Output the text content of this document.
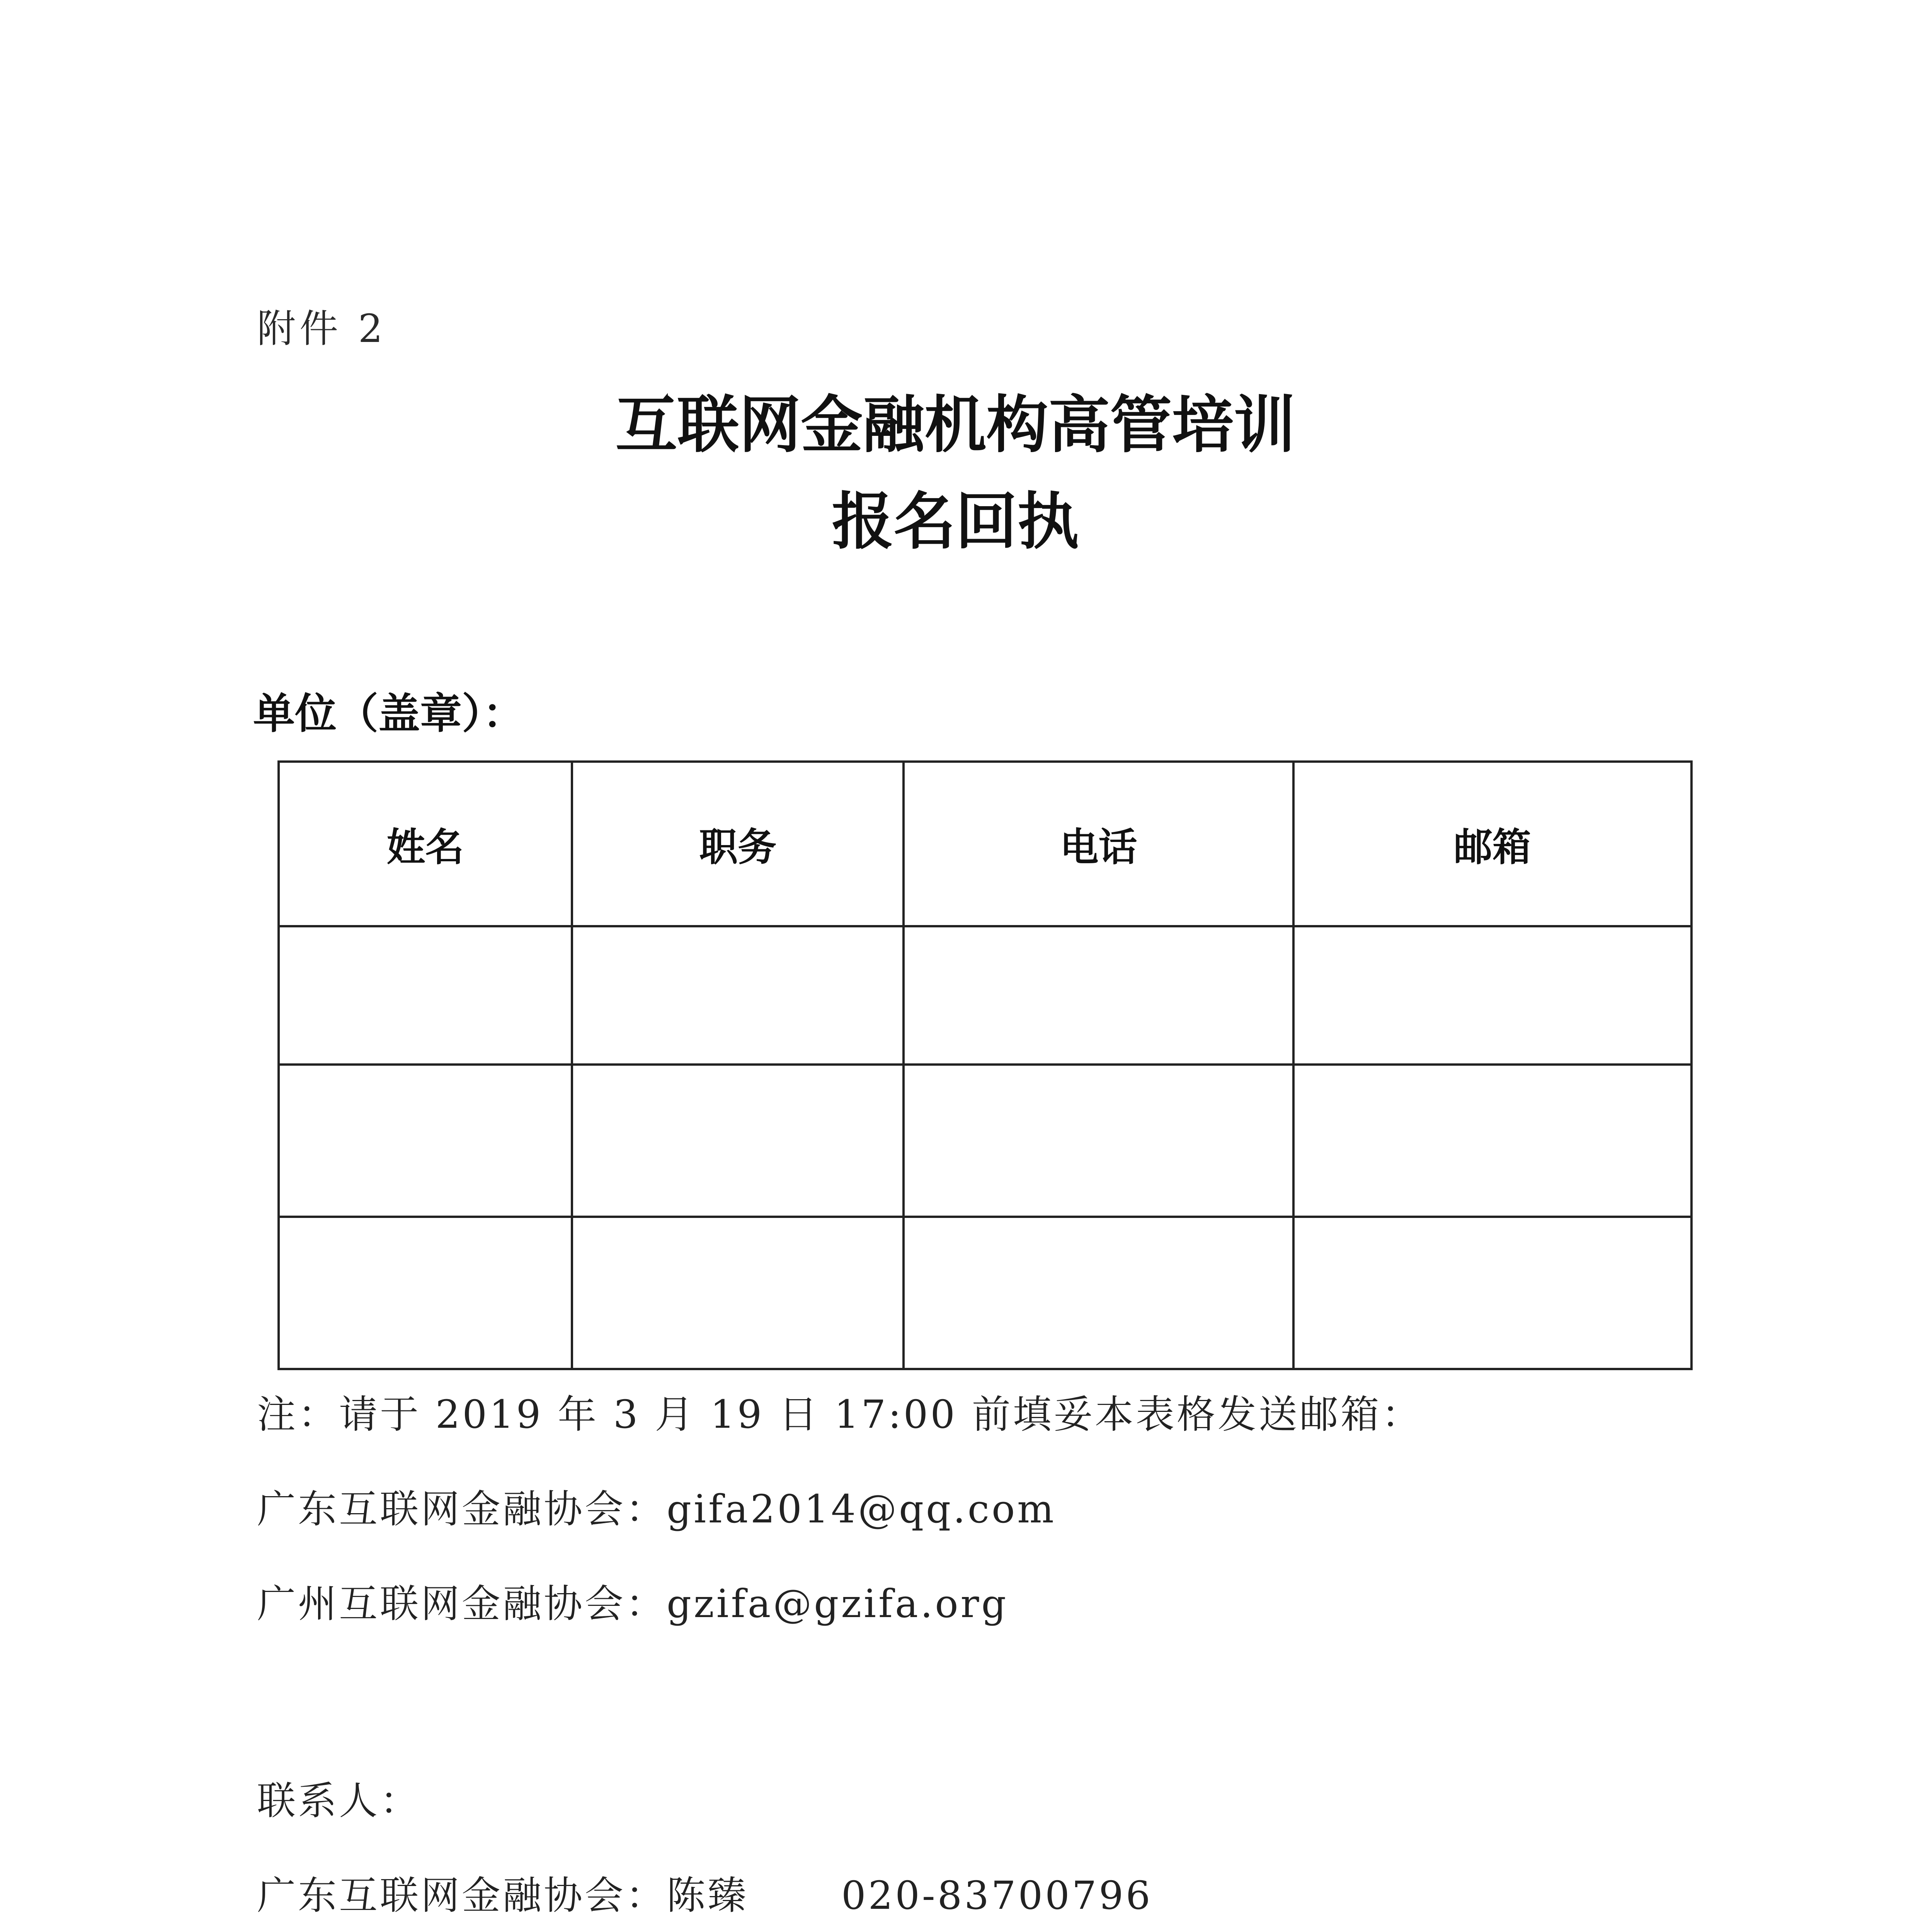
附件 2
互联网金融机构高管培训
报名回执
单位（盖章）：
姓名	职务	电话	邮箱

注：请于 2019 年 3 月 19 日 17:00 前填妥本表格发送邮箱：
广东互联网金融协会：gifa2014@qq.com
广州互联网金融协会：gzifa@gzifa.org
联系人：
广东互联网金融协会：陈臻 020-83700796
